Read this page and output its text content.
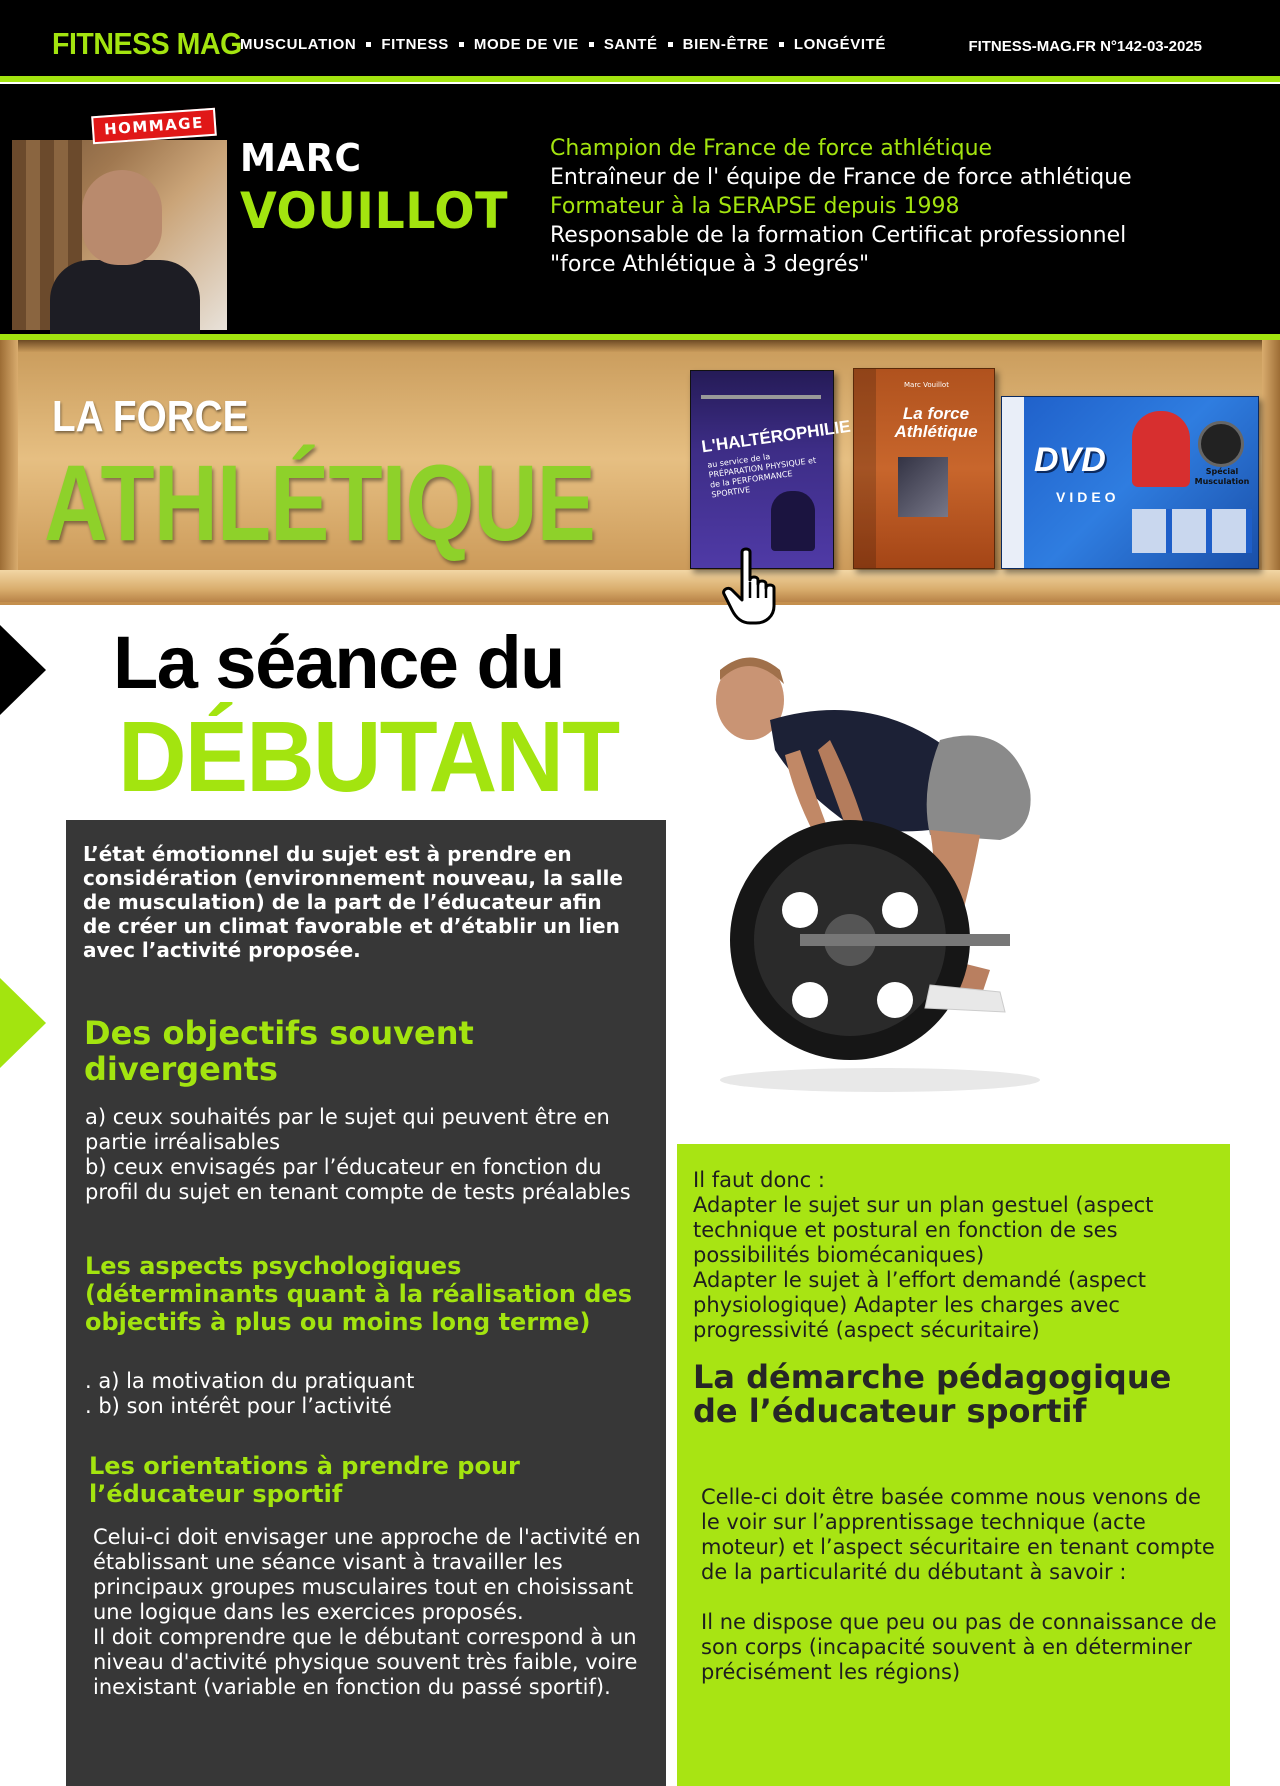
FITNESS MAG
MUSCULATION FITNESS MODE DE VIE SANTÉ BIEN-ÊTRE LONGÉVITÉ	FITNESS-MAG.FR N°142-03-2025
HOMMAGE
MARC
VOUILLOT
Champion de France de force athlétique
Entraîneur de l' équipe de France de force athlétique
Formateur à la SERAPSE depuis 1998
Responsable de la formation Certificat professionnel
"force Athlétique à 3 degrés"
LA FORCE
ATHLÉTIQUE
L'HALTÉROPHILIE
au service de la PRÉPARATION PHYSIQUE et de la PERFORMANCE SPORTIVE
Marc Vouillot
La force Athlétique
DVD
VIDEO
Spécial Musculation
La séance du
DÉBUTANT
L’état émotionnel du sujet est à prendre en considération (environnement nouveau, la salle de musculation) de la part de l’éducateur afin de créer un climat favorable et d’établir un lien avec l’activité proposée.
Des objectifs souvent divergents
a) ceux souhaités par le sujet qui peuvent être en partie irréalisables
b) ceux envisagés par l’éducateur en fonction du profil du sujet en tenant compte de tests préalables
Les aspects psychologiques (déterminants quant à la réalisation des objectifs à plus ou moins long terme)
. a) la motivation du pratiquant
. b) son intérêt pour l’activité
Les orientations à prendre pour l’éducateur sportif
Celui-ci doit envisager une approche de l'activité en établissant une séance visant à travailler les principaux groupes musculaires tout en choisissant une logique dans les exercices proposés.
Il doit comprendre que le débutant correspond à un niveau d'activité physique souvent très faible, voire inexistant (variable en fonction du passé sportif).
Il faut donc :
Adapter le sujet sur un plan gestuel (aspect technique et postural en fonction de ses possibilités biomécaniques)
Adapter le sujet à l’effort demandé (aspect physiologique) Adapter les charges avec progressivité (aspect sécuritaire)
La démarche pédagogique de l’éducateur sportif
Celle-ci doit être basée comme nous venons de le voir sur l’apprentissage technique (acte moteur) et l’aspect sécuritaire en tenant compte de la particularité du débutant à savoir :

Il ne dispose que peu ou pas de connaissance de son corps (incapacité souvent à en déterminer précisément les régions)
